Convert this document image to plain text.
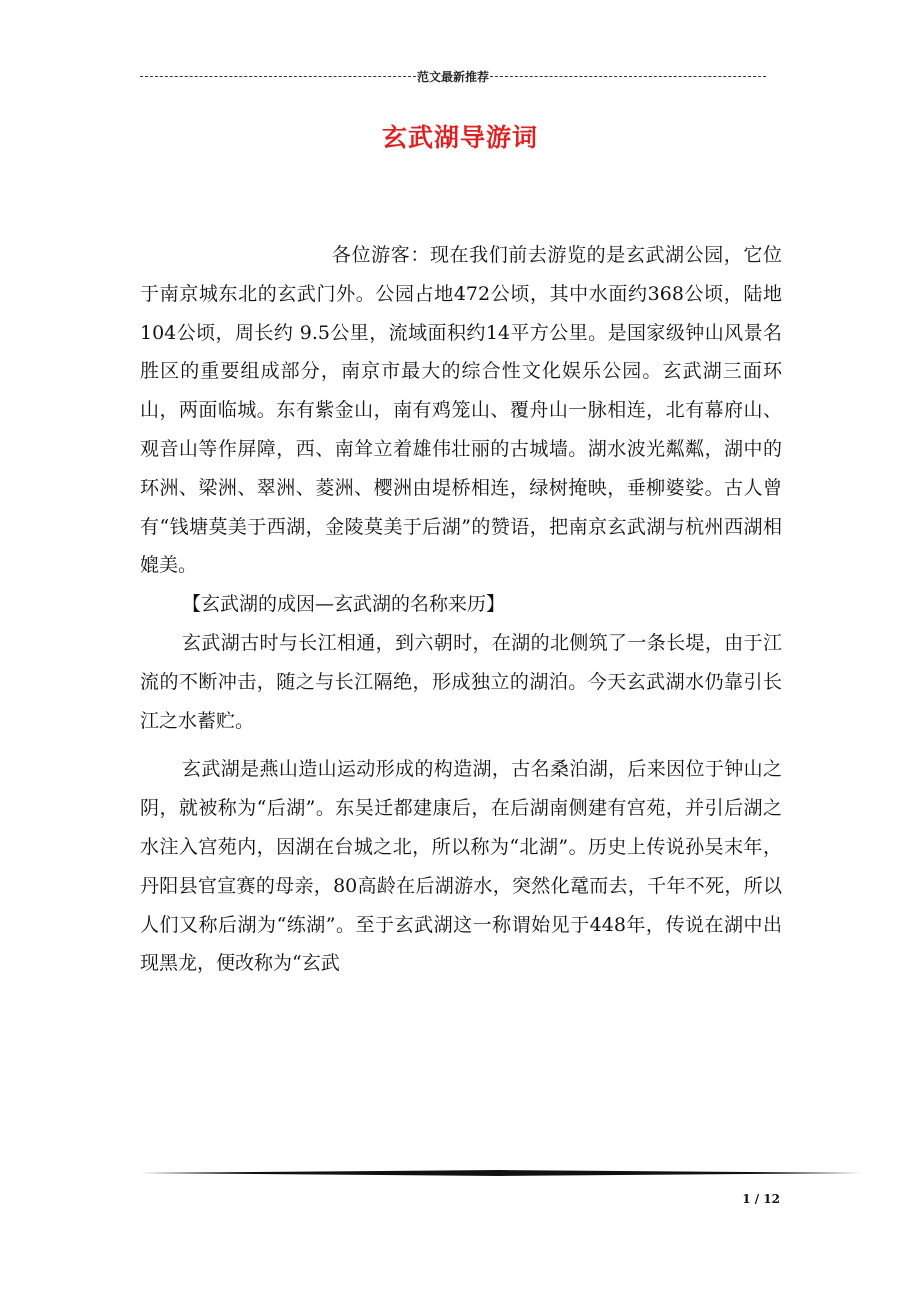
范文最新推荐
玄武湖导游词

各位游客：现在我们前去游览的是玄武湖公园，它位于南京城东北的玄武门外。公园占地472公顷，其中水面约368公顷，陆地104公顷，周长约 9.5公里，流域面积约14平方公里。是国家级钟山风景名胜区的重要组成部分，南京市最大的综合性文化娱乐公园。玄武湖三面环山，两面临城。东有紫金山，南有鸡笼山、覆舟山一脉相连，北有幕府山、观音山等作屏障，西、南耸立着雄伟壮丽的古城墙。湖水波光粼粼，湖中的环洲、梁洲、翠洲、菱洲、樱洲由堤桥相连，绿树掩映，垂柳婆娑。古人曾有“钱塘莫美于西湖，金陵莫美于后湖”的赞语，把南京玄武湖与杭州西湖相媲美。

【玄武湖的成因—玄武湖的名称来历】

玄武湖古时与长江相通，到六朝时，在湖的北侧筑了一条长堤，由于江流的不断冲击，随之与长江隔绝，形成独立的湖泊。今天玄武湖水仍靠引长江之水蓄贮。

玄武湖是燕山造山运动形成的构造湖，古名桑泊湖，后来因位于钟山之阴，就被称为“后湖”。东吴迁都建康后，在后湖南侧建有宫苑，并引后湖之水注入宫苑内，因湖在台城之北，所以称为“北湖”。历史上传说孙吴末年，丹阳县官宣赛的母亲，80高龄在后湖游水，突然化鼋而去，千年不死，所以人们又称后湖为“练湖”。至于玄武湖这一称谓始见于448年，传说在湖中出现黑龙，便改称为“玄武

1 / 12
